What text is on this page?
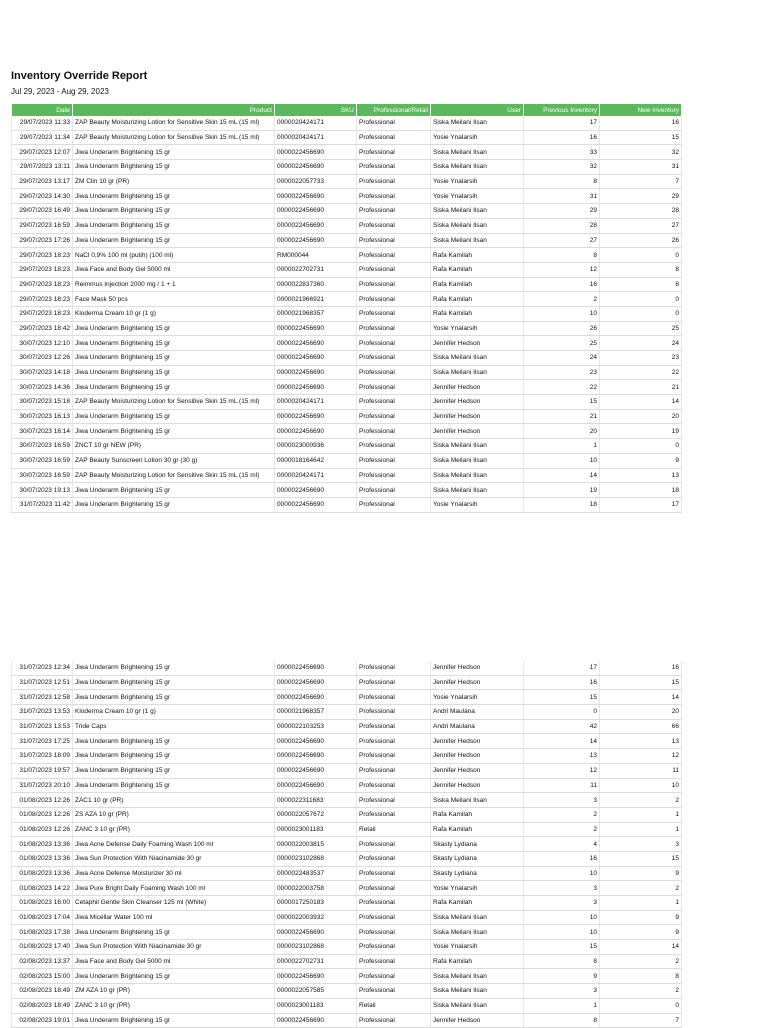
Inventory Override Report
Jul 29, 2023 - Aug 29, 2023
Date	Product	SKU	Professional/Retail	User	Previous Inventory	New Inventory
29/07/2023 11:33	ZAP Beauty Moisturizing Lotion for Sensitive Skin 15 mL (15 ml)	0000020424171	Professional	Siska Meilani Ilsan	17	16
29/07/2023 11:34	ZAP Beauty Moisturizing Lotion for Sensitive Skin 15 mL (15 ml)	0000020424171	Professional	Yosie Ynalarsih	16	15
29/07/2023 12:07	Jiwa Underarm Brightening 15 gr	0000022456690	Professional	Siska Meilani Ilsan	33	32
29/07/2023 13:11	Jiwa Underarm Brightening 15 gr	0000022456690	Professional	Siska Meilani Ilsan	32	31
29/07/2023 13:17	ZM Clin 10 gr (PR)	0000022057733	Professional	Yosie Ynalarsih	8	7
29/07/2023 14:30	Jiwa Underarm Brightening 15 gr	0000022456690	Professional	Yosie Ynalarsih	31	29
29/07/2023 16:49	Jiwa Underarm Brightening 15 gr	0000022456690	Professional	Siska Meilani Ilsan	29	28
29/07/2023 16:59	Jiwa Underarm Brightening 15 gr	0000022456690	Professional	Siska Meilani Ilsan	28	27
29/07/2023 17:26	Jiwa Underarm Brightening 15 gr	0000022456690	Professional	Siska Meilani Ilsan	27	26
29/07/2023 18:23	NaCl 0,9% 100 ml (putih) (100 ml)	RM000044	Professional	Rafa Kamilah	8	0
29/07/2023 18:23	Jiwa Face and Body Gel 5000 ml	0000022702731	Professional	Rafa Kamilah	12	8
29/07/2023 18:23	Reimmus Injection 2000 mg / 1 + 1	0000022837360	Professional	Rafa Kamilah	16	8
29/07/2023 18:23	Face Mask 50 pcs	0000021966921	Professional	Rafa Kamilah	2	0
29/07/2023 18:23	Kloderma Cream 10 gr (1 g)	0000021968357	Professional	Rafa Kamilah	10	0
29/07/2023 18:42	Jiwa Underarm Brightening 15 gr	0000022456690	Professional	Yosie Ynalarsih	26	25
30/07/2023 12:10	Jiwa Underarm Brightening 15 gr	0000022456690	Professional	Jennifer Hedson	25	24
30/07/2023 12:26	Jiwa Underarm Brightening 15 gr	0000022456690	Professional	Siska Meilani Ilsan	24	23
30/07/2023 14:18	Jiwa Underarm Brightening 15 gr	0000022456690	Professional	Siska Meilani Ilsan	23	22
30/07/2023 14:36	Jiwa Underarm Brightening 15 gr	0000022456690	Professional	Jennifer Hedson	22	21
30/07/2023 15:18	ZAP Beauty Moisturizing Lotion for Sensitive Skin 15 mL (15 ml)	0000020424171	Professional	Jennifer Hedson	15	14
30/07/2023 16:13	Jiwa Underarm Brightening 15 gr	0000022456690	Professional	Jennifer Hedson	21	20
30/07/2023 16:14	Jiwa Underarm Brightening 15 gr	0000022456690	Professional	Jennifer Hedson	20	19
30/07/2023 16:59	ZNCT 10 gr NEW (PR)	0000023000936	Professional	Siska Meilani Ilsan	1	0
30/07/2023 16:59	ZAP Beauty Sunscreen Lotion 30 gr (30 g)	0000018164642	Professional	Siska Meilani Ilsan	10	9
30/07/2023 16:59	ZAP Beauty Moisturizing Lotion for Sensitive Skin 15 mL (15 ml)	0000020424171	Professional	Siska Meilani Ilsan	14	13
30/07/2023 19:13	Jiwa Underarm Brightening 15 gr	0000022456690	Professional	Siska Meilani Ilsan	19	18
31/07/2023 11:42	Jiwa Underarm Brightening 15 gr	0000022456690	Professional	Yosie Ynalarsih	18	17
31/07/2023 12:34	Jiwa Underarm Brightening 15 gr	0000022456690	Professional	Jennifer Hedson	17	16
31/07/2023 12:51	Jiwa Underarm Brightening 15 gr	0000022456690	Professional	Jennifer Hedson	16	15
31/07/2023 12:58	Jiwa Underarm Brightening 15 gr	0000022456690	Professional	Yosie Ynalarsih	15	14
31/07/2023 13:53	Kloderma Cream 10 gr (1 g)	0000021968357	Professional	Andri Maulana	0	20
31/07/2023 13:53	Tride Caps	0000022103253	Professional	Andri Maulana	42	66
31/07/2023 17:25	Jiwa Underarm Brightening 15 gr	0000022456690	Professional	Jennifer Hedson	14	13
31/07/2023 18:09	Jiwa Underarm Brightening 15 gr	0000022456690	Professional	Jennifer Hedson	13	12
31/07/2023 19:57	Jiwa Underarm Brightening 15 gr	0000022456690	Professional	Jennifer Hedson	12	11
31/07/2023 20:10	Jiwa Underarm Brightening 15 gr	0000022456690	Professional	Jennifer Hedson	11	10
01/08/2023 12:26	ZAC1 10 gr (PR)	0000022311683	Professional	Siska Meilani Ilsan	3	2
01/08/2023 12:26	ZS AZA 10 gr (PR)	0000022057672	Professional	Rafa Kamilah	2	1
01/08/2023 12:26	ZANC 3 10 gr (PR)	0000023001183	Retail	Rafa Kamilah	2	1
01/08/2023 13:36	Jiwa Acne Defense Daily Foaming Wash 100 ml	0000022003815	Professional	Skasty Lydiana	4	3
01/08/2023 13:36	Jiwa Sun Protection With Niacinamide 30 gr	0000023102868	Professional	Skasty Lydiana	16	15
01/08/2023 13:36	Jiwa Acne Defense Moisturizer 30 ml	0000022483537	Professional	Skasty Lydiana	10	9
01/08/2023 14:22	Jiwa Pure Bright Daily Foaming Wash 100 ml	0000022003758	Professional	Yosie Ynalarsih	3	2
01/08/2023 16:00	Cetaphil Gentle Skin Cleanser 125 ml (White)	0000017250183	Professional	Rafa Kamilah	3	1
01/08/2023 17:04	Jiwa Micellar Water 100 ml	0000022003932	Professional	Siska Meilani Ilsan	10	9
01/08/2023 17:38	Jiwa Underarm Brightening 15 gr	0000022456690	Professional	Siska Meilani Ilsan	10	9
01/08/2023 17:40	Jiwa Sun Protection With Niacinamide 30 gr	0000023102868	Professional	Yosie Ynalarsih	15	14
02/08/2023 13:37	Jiwa Face and Body Gel 5000 ml	0000022702731	Professional	Rafa Kamilah	8	2
02/08/2023 15:00	Jiwa Underarm Brightening 15 gr	0000022456690	Professional	Siska Meilani Ilsan	9	8
02/08/2023 18:49	ZM AZA 10 gr (PR)	0000022057585	Professional	Siska Meilani Ilsan	3	2
02/08/2023 18:49	ZANC 3 10 gr (PR)	0000023001183	Retail	Siska Meilani Ilsan	1	0
02/08/2023 19:01	Jiwa Underarm Brightening 15 gr	0000022456690	Professional	Jennifer Hedson	8	7
